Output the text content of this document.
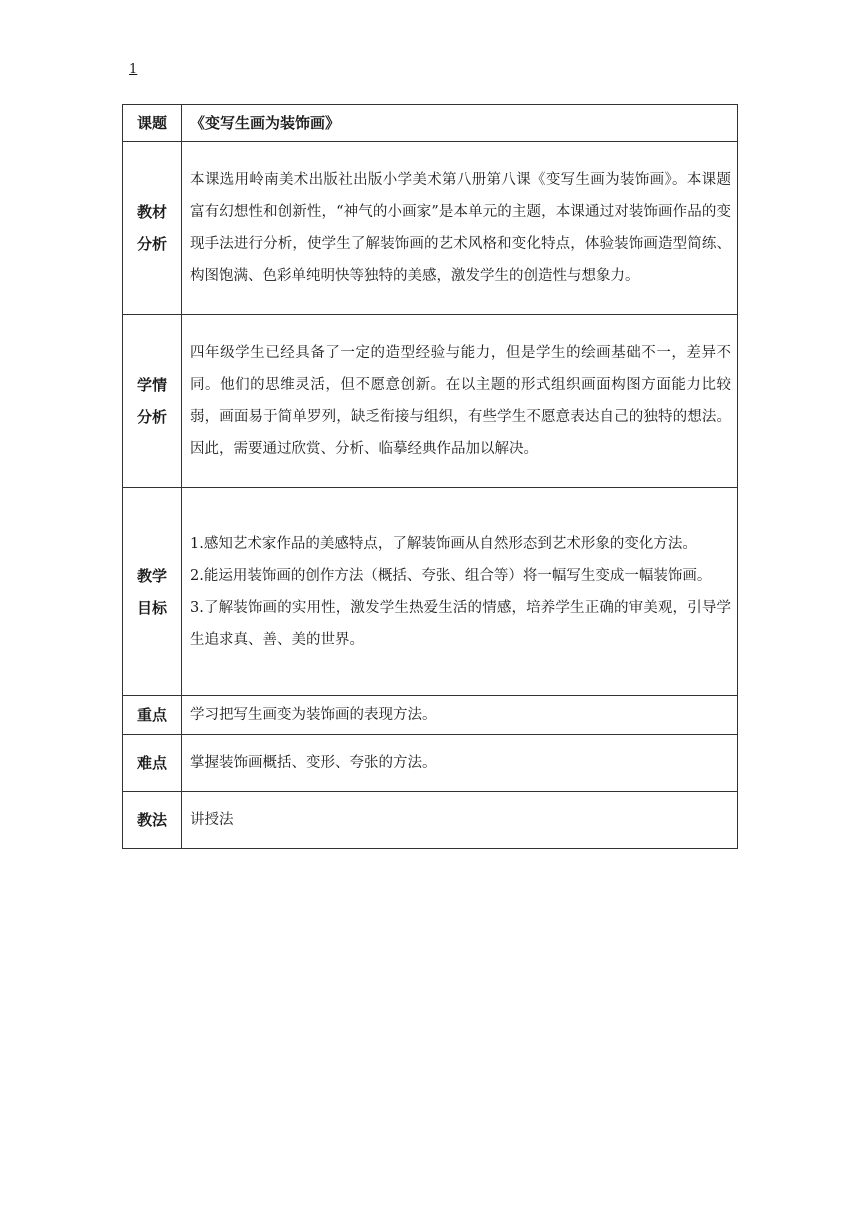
1
课题	《变写生画为装饰画》

教材
分析	本课选用岭南美术出版社出版小学美术第八册第八课《变写生画为装饰画》。本课题富有幻想性和创新性，“神气的小画家”是本单元的主题，本课通过对装饰画作品的变现手法进行分析，使学生了解装饰画的艺术风格和变化特点，体验装饰画造型简练、构图饱满、色彩单纯明快等独特的美感，激发学生的创造性与想象力。

学情
分析	四年级学生已经具备了一定的造型经验与能力，但是学生的绘画基础不一，差异不同。他们的思维灵活，但不愿意创新。在以主题的形式组织画面构图方面能力比较弱，画面易于简单罗列，缺乏衔接与组织，有些学生不愿意表达自己的独特的想法。因此，需要通过欣赏、分析、临摹经典作品加以解决。

教学
目标	1.感知艺术家作品的美感特点，了解装饰画从自然形态到艺术形象的变化方法。
2.能运用装饰画的创作方法（概括、夸张、组合等）将一幅写生变成一幅装饰画。
3.了解装饰画的实用性，激发学生热爱生活的情感，培养学生正确的审美观，引导学生追求真、善、美的世界。

重点	学习把写生画变为装饰画的表现方法。

难点	掌握装饰画概括、变形、夸张的方法。

教法	讲授法
